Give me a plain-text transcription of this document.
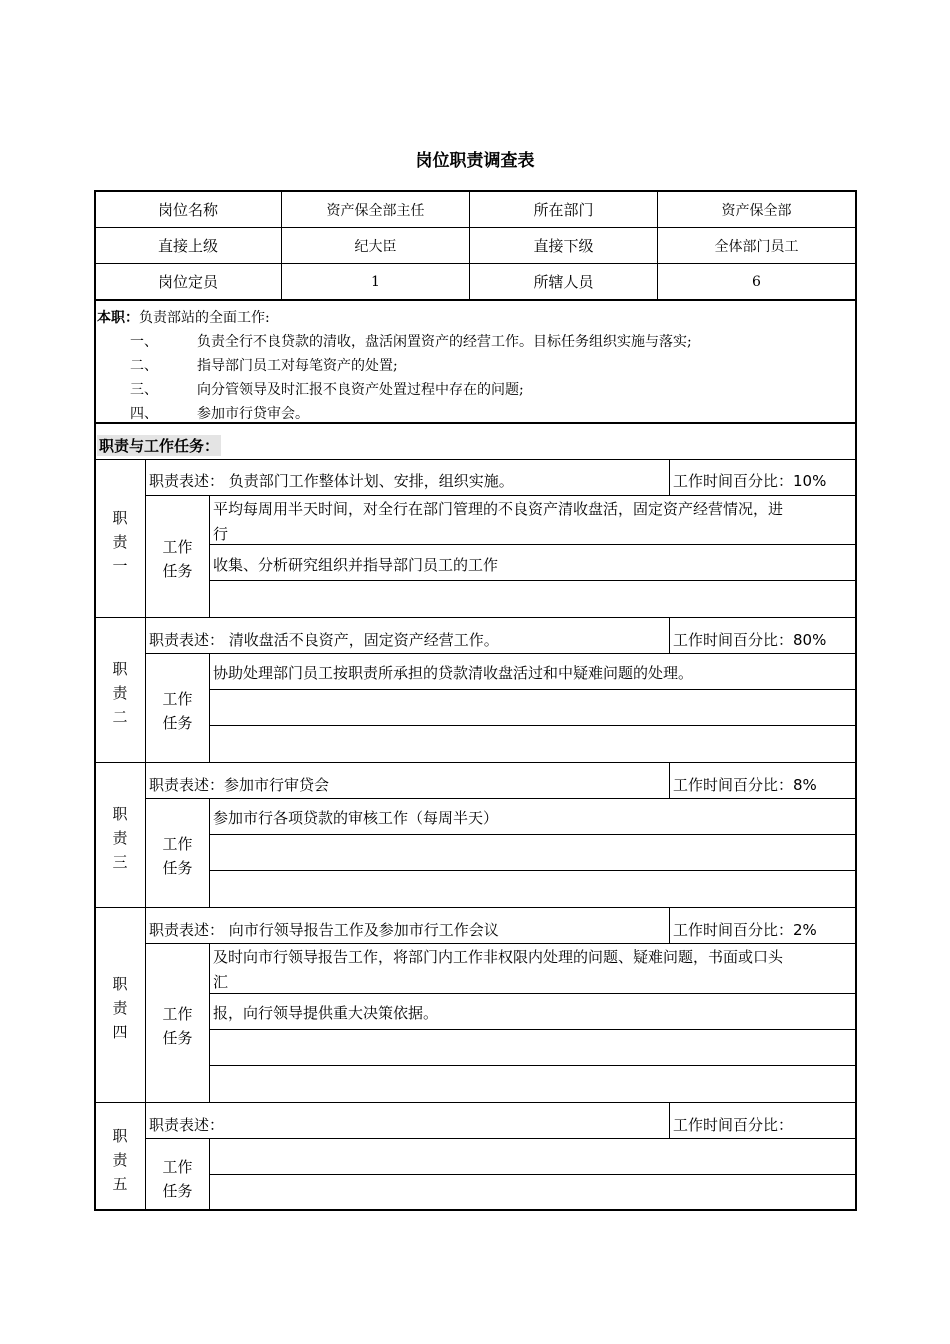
岗位职责调查表
岗位名称	资产保全部主任	所在部门	资产保全部
直接上级	纪大臣	直接下级	全体部门员工
岗位定员	1	所辖人员	6
本职：负责部站的全面工作:
一、	负责全行不良贷款的清收，盘活闲置资产的经营工作。目标任务组织实施与落实;
二、	指导部门员工对每笔资产的处置;
三、	向分管领导及时汇报不良资产处置过程中存在的问题;
四、	参加市行贷审会。
职责与工作任务：
职责一
职责表述： 负责部门工作整体计划、安排，组织实施。	工作时间百分比：10%
工作任务
平均每周用半天时间，对全行在部门管理的不良资产清收盘活，固定资产经营情况，进
行
收集、分析研究组织并指导部门员工的工作
职责二
职责表述： 清收盘活不良资产，固定资产经营工作。	工作时间百分比：80%
工作任务
协助处理部门员工按职责所承担的贷款清收盘活过和中疑难问题的处理。
职责三
职责表述：参加市行审贷会	工作时间百分比：8%
工作任务
参加市行各项贷款的审核工作（每周半天）
职责四
职责表述： 向市行领导报告工作及参加市行工作会议	工作时间百分比：2%
工作任务
及时向市行领导报告工作，将部门内工作非权限内处理的问题、疑难问题，书面或口头
汇
报，向行领导提供重大决策依据。
职责五
职责表述：	工作时间百分比：
工作任务
